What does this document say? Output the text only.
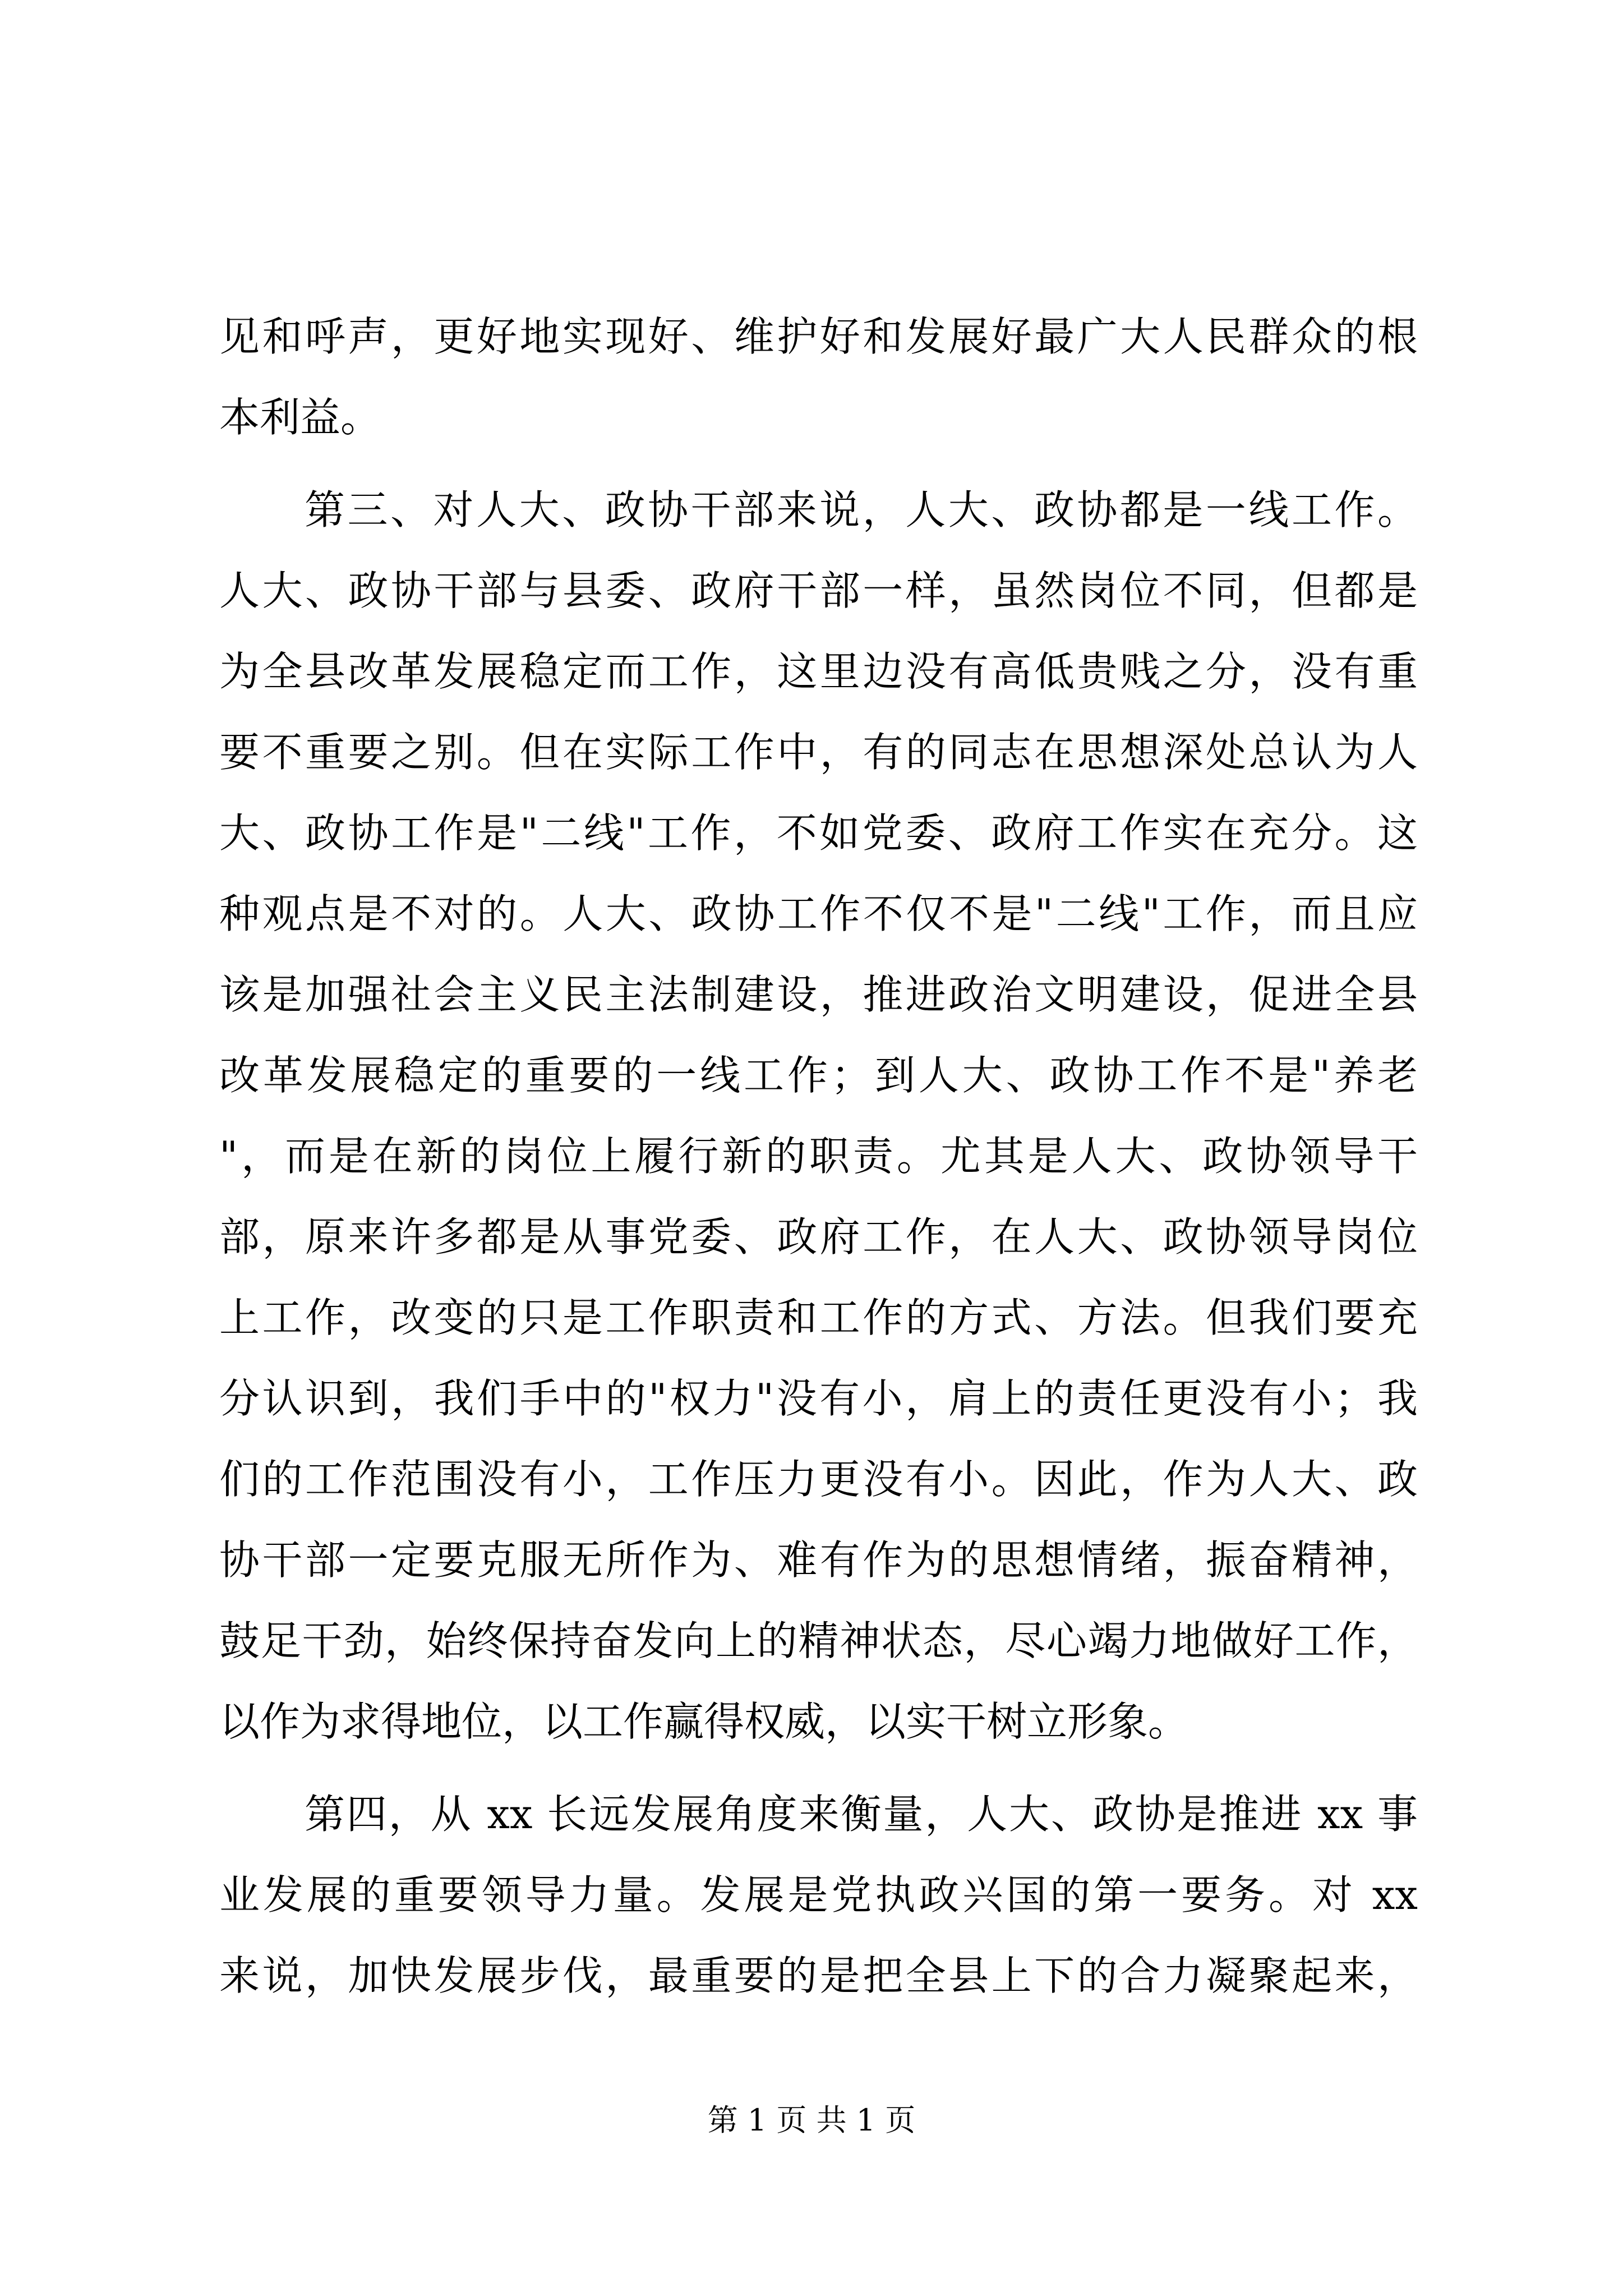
见和呼声，更好地实现好、维护好和发展好最广大人民群众的根
本利益。
第三、对人大、政协干部来说，人大、政协都是一线工作。
人大、政协干部与县委、政府干部一样，虽然岗位不同，但都是
为全县改革发展稳定而工作，这里边没有高低贵贱之分，没有重
要不重要之别。但在实际工作中，有的同志在思想深处总认为人
大、政协工作是"二线"工作，不如党委、政府工作实在充分。这
种观点是不对的。人大、政协工作不仅不是"二线"工作，而且应
该是加强社会主义民主法制建设，推进政治文明建设，促进全县
改革发展稳定的重要的一线工作；到人大、政协工作不是"养老
"，而是在新的岗位上履行新的职责。尤其是人大、政协领导干
部，原来许多都是从事党委、政府工作，在人大、政协领导岗位
上工作，改变的只是工作职责和工作的方式、方法。但我们要充
分认识到，我们手中的"权力"没有小，肩上的责任更没有小；我
们的工作范围没有小，工作压力更没有小。因此，作为人大、政
协干部一定要克服无所作为、难有作为的思想情绪，振奋精神，
鼓足干劲，始终保持奋发向上的精神状态，尽心竭力地做好工作，
以作为求得地位，以工作赢得权威，以实干树立形象。
第四，从 xx 长远发展角度来衡量，人大、政协是推进 xx 事
业发展的重要领导力量。发展是党执政兴国的第一要务。对 xx
来说，加快发展步伐，最重要的是把全县上下的合力凝聚起来，
第 1 页 共 1 页
